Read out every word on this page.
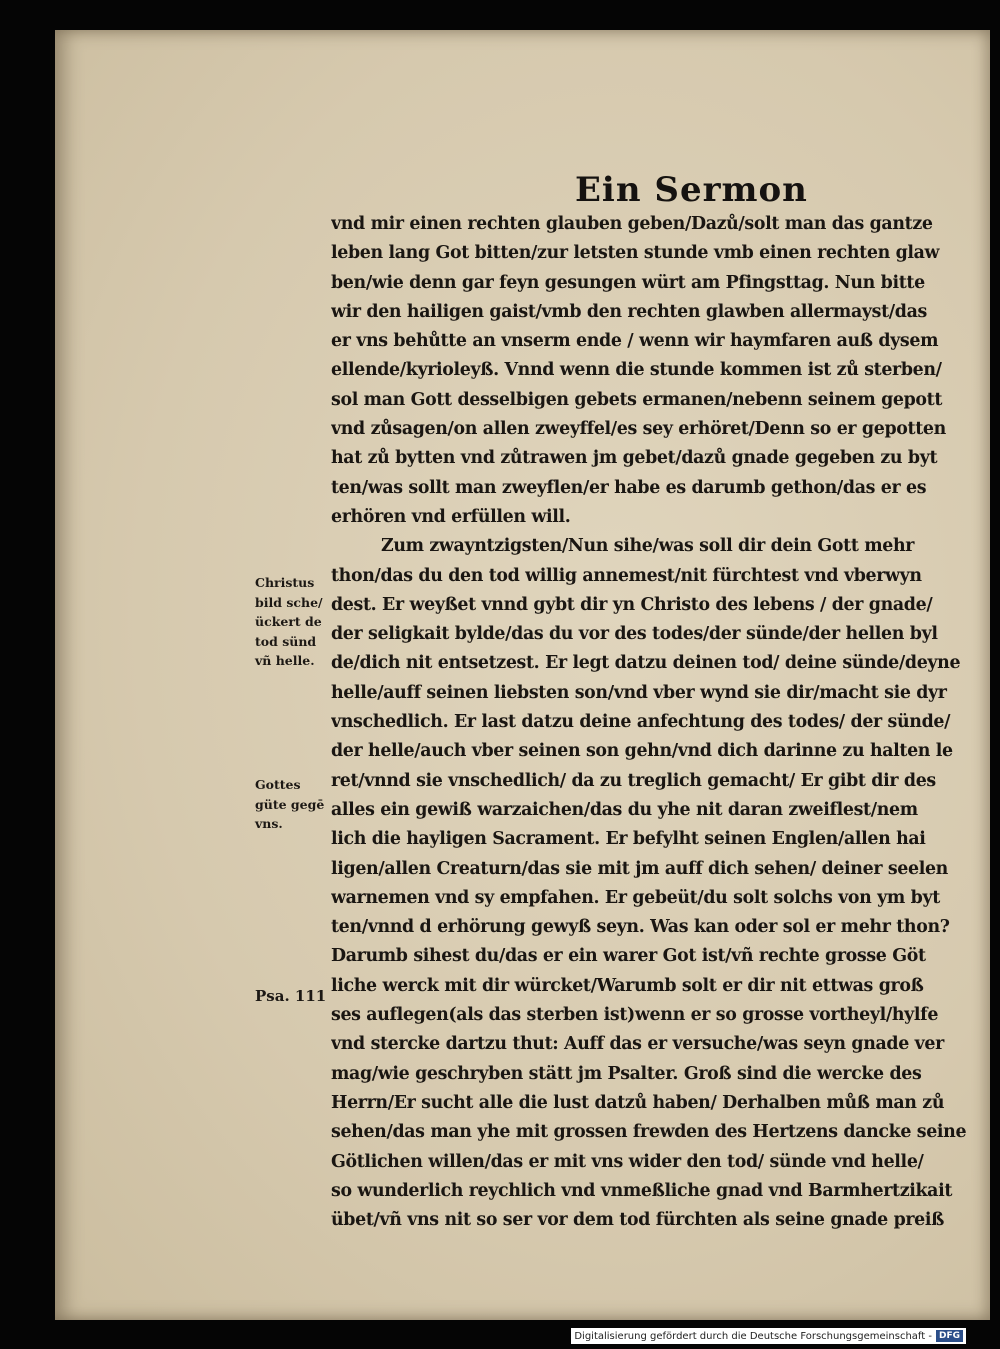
Ein Sermon
vnd mir einen rechten glauben geben/Dazů/solt man das gantze
leben lang Got bitten/zur letsten stunde vmb einen rechten glaw
ben/wie denn gar feyn gesungen würt am Pfingsttag. Nun bitte
wir den hailigen gaist/vmb den rechten glawben allermayst/das
er vns behůtte an vnserm ende / wenn wir haymfaren auß dysem
ellende/kyrioleyß. Vnnd wenn die stunde kommen ist zů sterben/
sol man Gott desselbigen gebets ermanen/nebenn seinem gepott
vnd zůsagen/on allen zweyffel/es sey erhöret/Denn so er gepotten
hat zů bytten vnd zůtrawen jm gebet/dazů gnade gegeben zu byt
ten/was sollt man zweyflen/er habe es darumb gethon/das er es
erhören vnd erfüllen will.
Zum zwayntzigsten/Nun sihe/was soll dir dein Gott mehr
thon/das du den tod willig annemest/nit fürchtest vnd vberwyn
dest. Er weyßet vnnd gybt dir yn Christo des lebens / der gnade/
der seligkait bylde/das du vor des todes/der sünde/der hellen byl
de/dich nit entsetzest. Er legt datzu deinen tod/ deine sünde/deyne
helle/auff seinen liebsten son/vnd vber wynd sie dir/macht sie dyr
vnschedlich. Er last datzu deine anfechtung des todes/ der sünde/
der helle/auch vber seinen son gehn/vnd dich darinne zu halten le
ret/vnnd sie vnschedlich/ da zu treglich gemacht/ Er gibt dir des
alles ein gewiß warzaichen/das du yhe nit daran zweiflest/nem
lich die hayligen Sacrament. Er befylht seinen Englen/allen hai
ligen/allen Creaturn/das sie mit jm auff dich sehen/ deiner seelen
warnemen vnd sy empfahen. Er gebeüt/du solt solchs von ym byt
ten/vnnd d erhörung gewyß seyn. Was kan oder sol er mehr thon?
Darumb sihest du/das er ein warer Got ist/vñ rechte grosse Göt
liche werck mit dir würcket/Warumb solt er dir nit ettwas groß
ses auflegen(als das sterben ist)wenn er so grosse vortheyl/hylfe
vnd stercke dartzu thut: Auff das er versuche/was seyn gnade ver
mag/wie geschryben stätt jm Psalter. Groß sind die wercke des
Herrn/Er sucht alle die lust datzů haben/ Derhalben můß man zů
sehen/das man yhe mit grossen frewden des Hertzens dancke seine
Götlichen willen/das er mit vns wider den tod/ sünde vnd helle/
so wunderlich reychlich vnd vnmeßliche gnad vnd Barmhertzikait
übet/vñ vns nit so ser vor dem tod fürchten als seine gnade preiß
Christus
bild sche/
ückert de
tod sünd
vñ helle.
Gottes
güte gegē
vns.
Psa. 111
Digitalisierung gefördert durch die Deutsche Forschungsgemeinschaft - DFG
